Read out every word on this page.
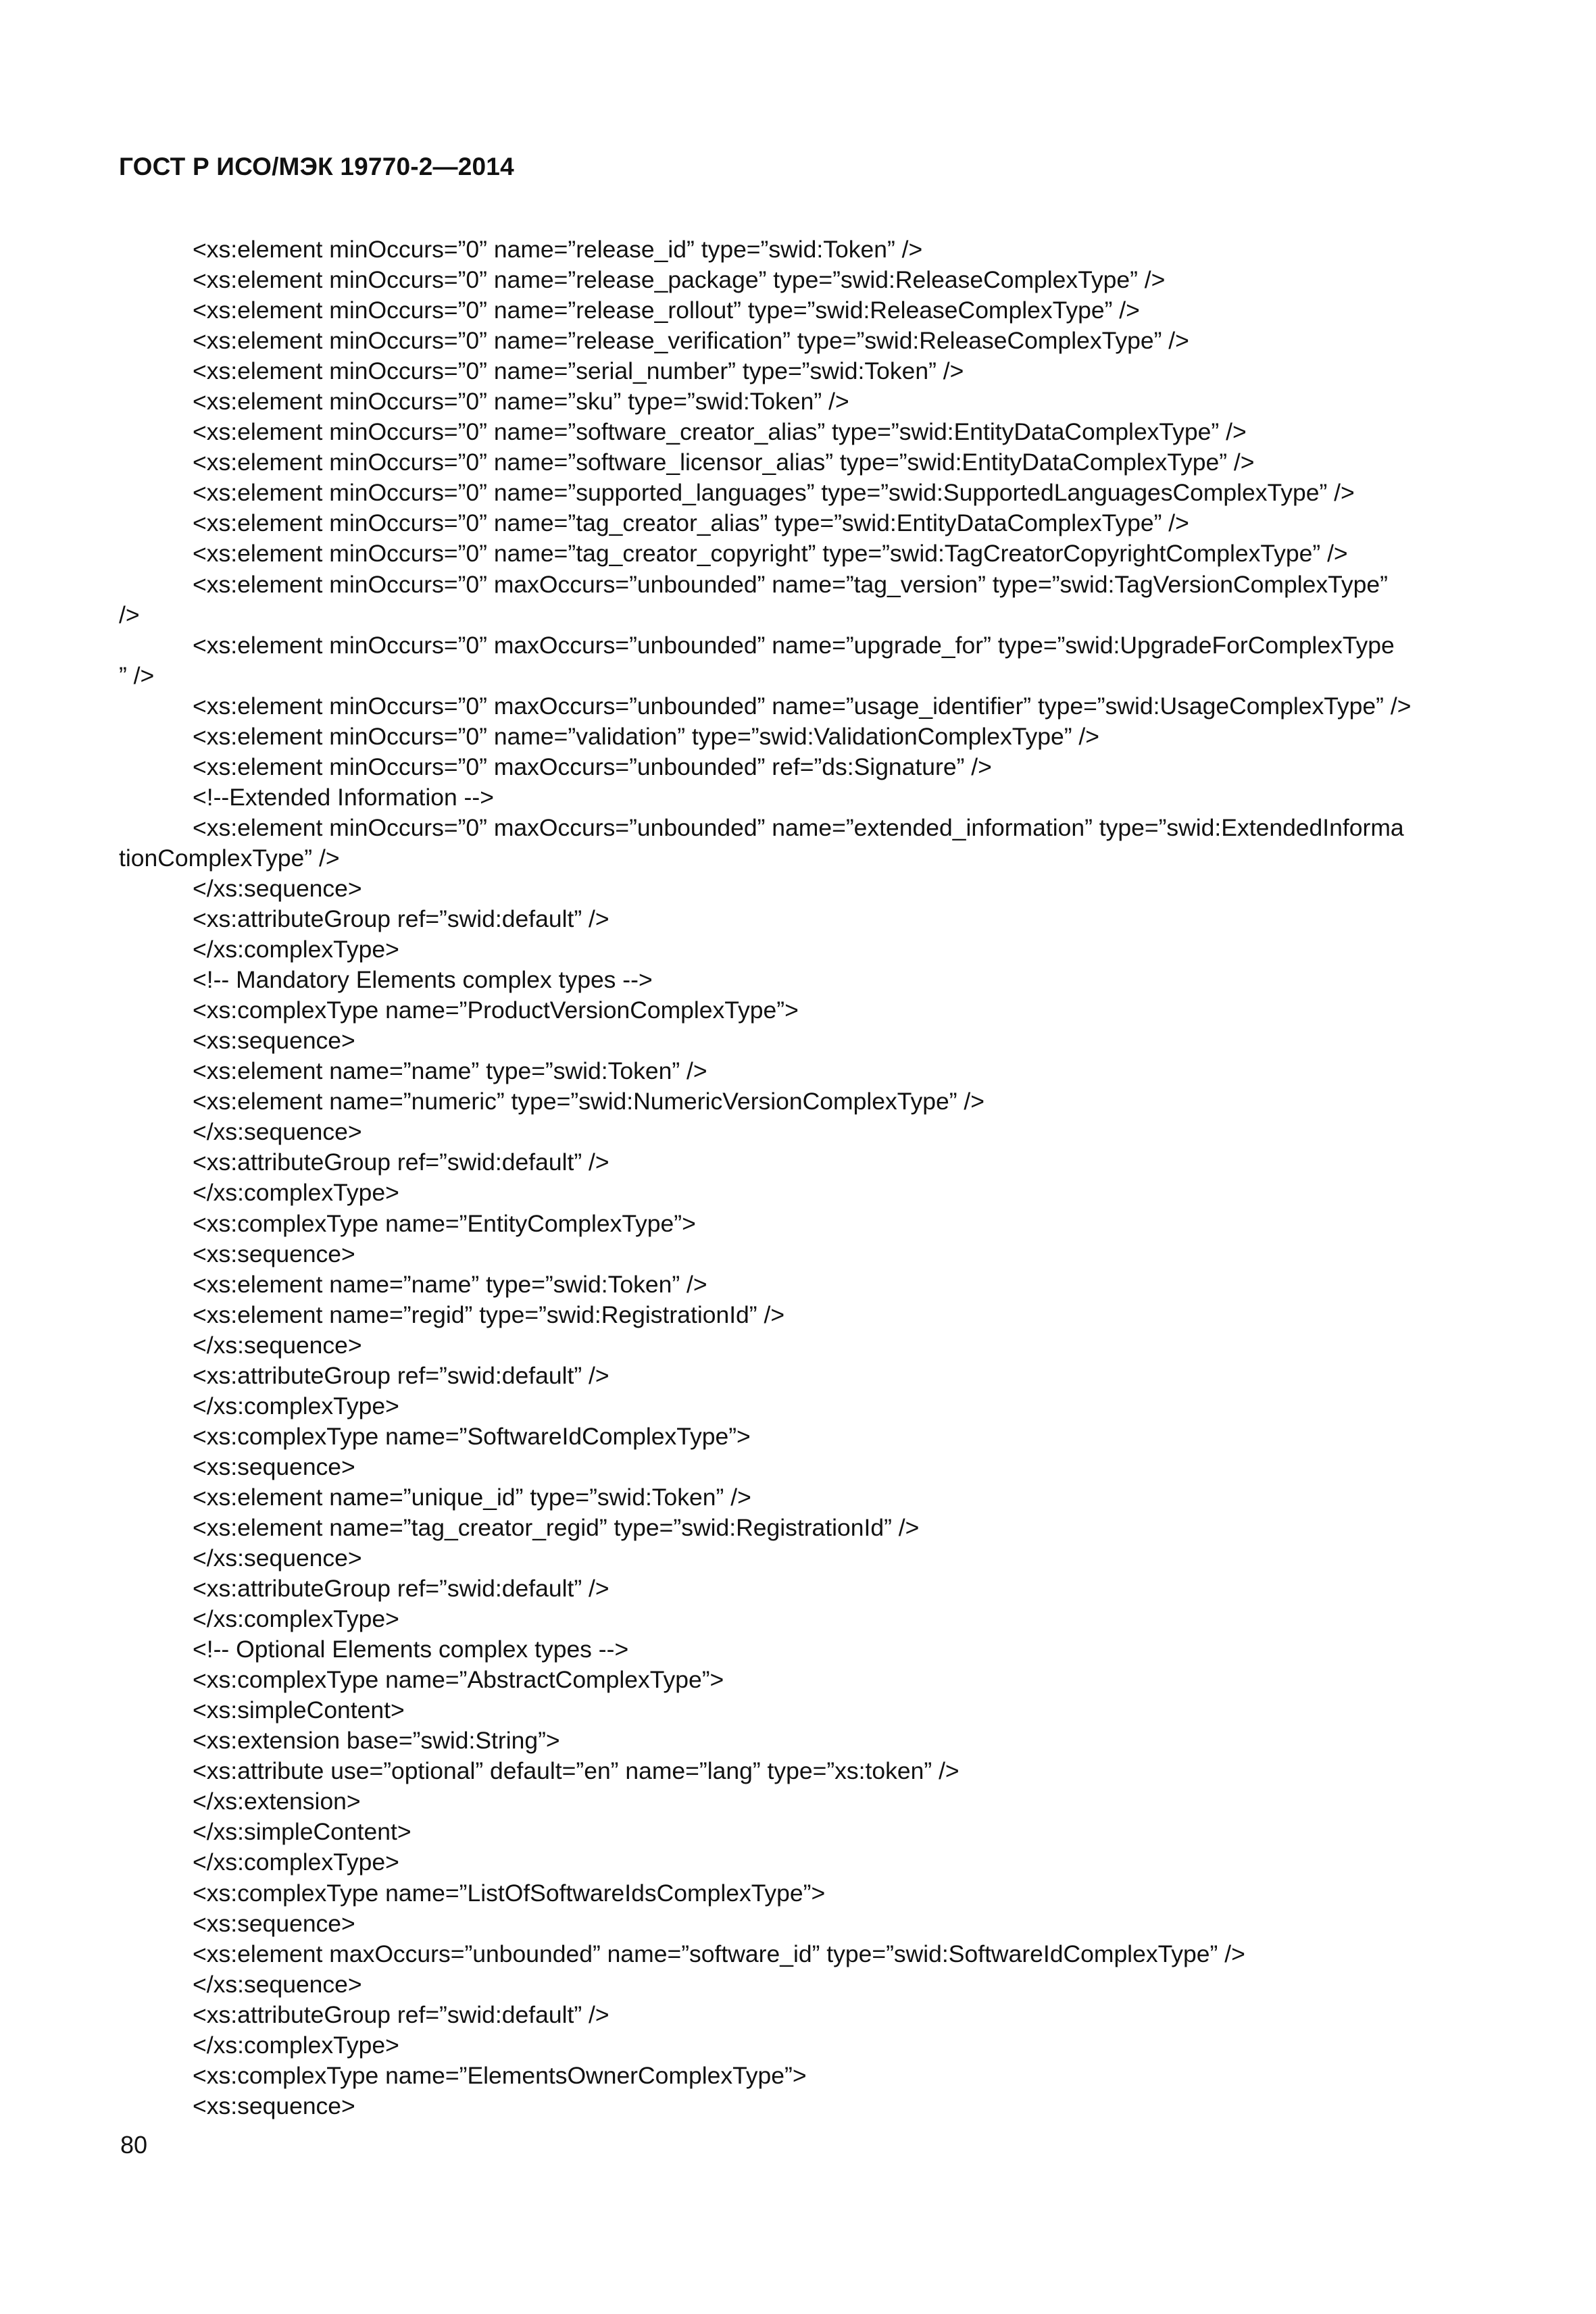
ГОСТ Р ИСО/МЭК 19770-2—2014
<xs:element minOccurs=”0” name=”release_id” type=”swid:Token” />
<xs:element minOccurs=”0” name=”release_package” type=”swid:ReleaseComplexType” />
<xs:element minOccurs=”0” name=”release_rollout” type=”swid:ReleaseComplexType” />
<xs:element minOccurs=”0” name=”release_verification” type=”swid:ReleaseComplexType” />
<xs:element minOccurs=”0” name=”serial_number” type=”swid:Token” />
<xs:element minOccurs=”0” name=”sku” type=”swid:Token” />
<xs:element minOccurs=”0” name=”software_creator_alias” type=”swid:EntityDataComplexType” />
<xs:element minOccurs=”0” name=”software_licensor_alias” type=”swid:EntityDataComplexType” />
<xs:element minOccurs=”0” name=”supported_languages” type=”swid:SupportedLanguagesComplexType” />
<xs:element minOccurs=”0” name=”tag_creator_alias” type=”swid:EntityDataComplexType” />
<xs:element minOccurs=”0” name=”tag_creator_copyright” type=”swid:TagCreatorCopyrightComplexType” />
<xs:element minOccurs=”0” maxOccurs=”unbounded” name=”tag_version” type=”swid:TagVersionComplexType”
/>
<xs:element minOccurs=”0” maxOccurs=”unbounded” name=”upgrade_for” type=”swid:UpgradeForComplexType
” />
<xs:element minOccurs=”0” maxOccurs=”unbounded” name=”usage_identifier” type=”swid:UsageComplexType” />
<xs:element minOccurs=”0” name=”validation” type=”swid:ValidationComplexType” />
<xs:element minOccurs=”0” maxOccurs=”unbounded” ref=”ds:Signature” />
<!--Extended Information -->
<xs:element minOccurs=”0” maxOccurs=”unbounded” name=”extended_information” type=”swid:ExtendedInforma
tionComplexType” />
</xs:sequence>
<xs:attributeGroup ref=”swid:default” />
</xs:complexType>
<!-- Mandatory Elements complex types -->
<xs:complexType name=”ProductVersionComplexType”>
<xs:sequence>
<xs:element name=”name” type=”swid:Token” />
<xs:element name=”numeric” type=”swid:NumericVersionComplexType” />
</xs:sequence>
<xs:attributeGroup ref=”swid:default” />
</xs:complexType>
<xs:complexType name=”EntityComplexType”>
<xs:sequence>
<xs:element name=”name” type=”swid:Token” />
<xs:element name=”regid” type=”swid:RegistrationId” />
</xs:sequence>
<xs:attributeGroup ref=”swid:default” />
</xs:complexType>
<xs:complexType name=”SoftwareIdComplexType”>
<xs:sequence>
<xs:element name=”unique_id” type=”swid:Token” />
<xs:element name=”tag_creator_regid” type=”swid:RegistrationId” />
</xs:sequence>
<xs:attributeGroup ref=”swid:default” />
</xs:complexType>
<!-- Optional Elements complex types -->
<xs:complexType name=”AbstractComplexType”>
<xs:simpleContent>
<xs:extension base=”swid:String”>
<xs:attribute use=”optional” default=”en” name=”lang” type=”xs:token” />
</xs:extension>
</xs:simpleContent>
</xs:complexType>
<xs:complexType name=”ListOfSoftwareIdsComplexType”>
<xs:sequence>
<xs:element maxOccurs=”unbounded” name=”software_id” type=”swid:SoftwareIdComplexType” />
</xs:sequence>
<xs:attributeGroup ref=”swid:default” />
</xs:complexType>
<xs:complexType name=”ElementsOwnerComplexType”>
<xs:sequence>
80
